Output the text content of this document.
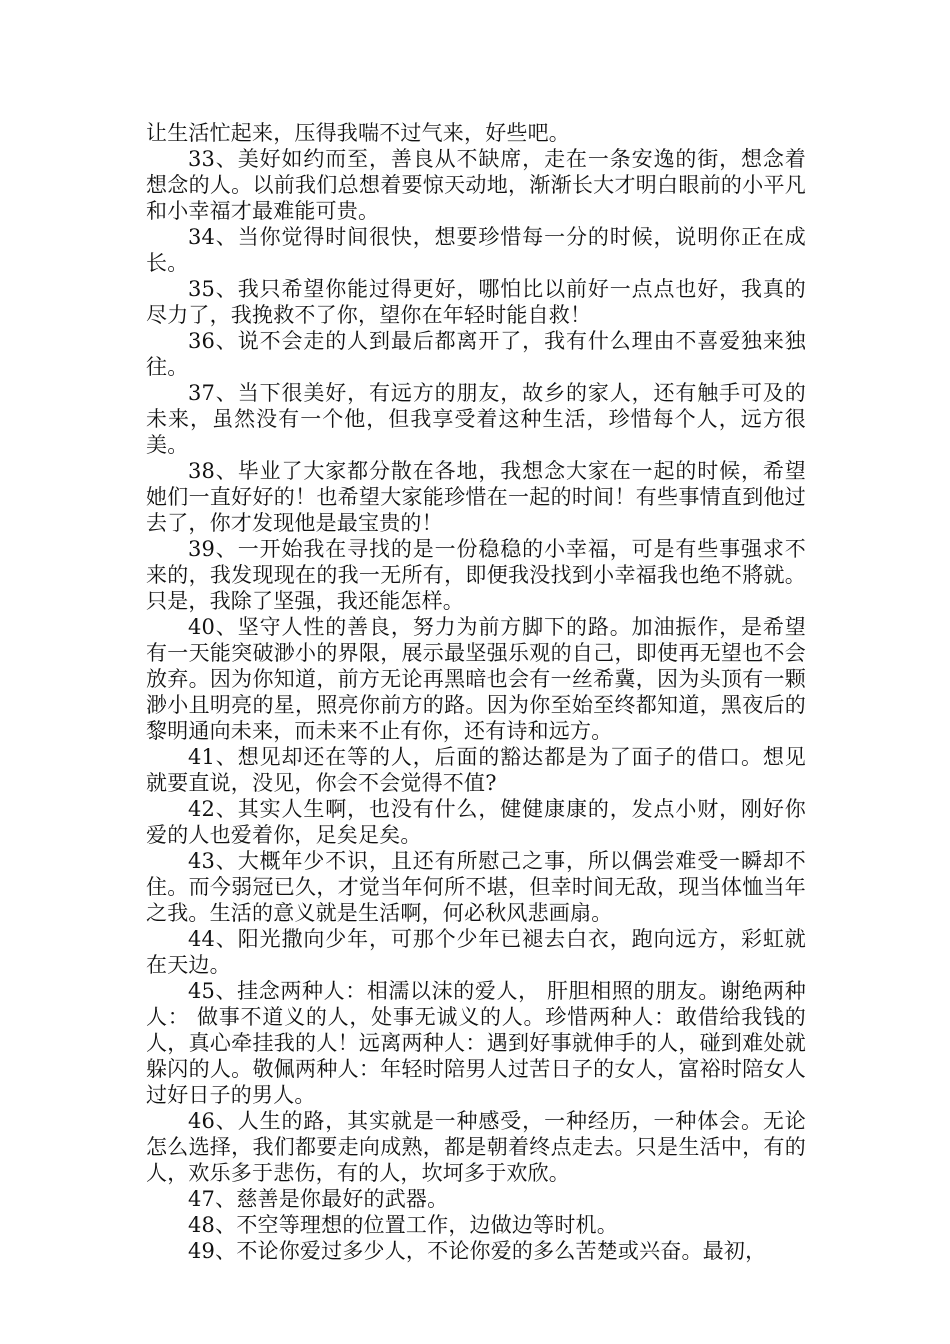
让生活忙起来，压得我喘不过气来，好些吧。

33、美好如约而至，善良从不缺席，走在一条安逸的街，想念着想念的人。以前我们总想着要惊天动地，渐渐长大才明白眼前的小平凡和小幸福才最难能可贵。

34、当你觉得时间很快，想要珍惜每一分的时候，说明你正在成长。

35、我只希望你能过得更好，哪怕比以前好一点点也好，我真的尽力了，我挽救不了你，望你在年轻时能自救！

36、说不会走的人到最后都离开了，我有什么理由不喜爱独来独往。

37、当下很美好，有远方的朋友，故乡的家人，还有触手可及的未来，虽然没有一个他，但我享受着这种生活，珍惜每个人，远方很美。

38、毕业了大家都分散在各地，我想念大家在一起的时候，希望她们一直好好的！也希望大家能珍惜在一起的时间！有些事情直到他过去了，你才发现他是最宝贵的！

39、一开始我在寻找的是一份稳稳的小幸福，可是有些事强求不来的，我发现现在的我一无所有，即便我没找到小幸福我也绝不將就。只是，我除了坚强，我还能怎样。

40、坚守人性的善良，努力为前方脚下的路。加油振作，是希望有一天能突破渺小的界限，展示最坚强乐观的自己，即使再无望也不会放弃。因为你知道，前方无论再黑暗也会有一丝希冀，因为头顶有一颗渺小且明亮的星，照亮你前方的路。因为你至始至终都知道，黑夜后的黎明通向未来，而未来不止有你，还有诗和远方。

41、想见却还在等的人，后面的豁达都是为了面子的借口。想见就要直说，没见，你会不会觉得不值?

42、其实人生啊，也没有什么，健健康康的，发点小财，刚好你爱的人也爱着你，足矣足矣。

43、大概年少不识，且还有所慰己之事，所以偶尝难受一瞬却不住。而今弱冠已久，才觉当年何所不堪，但幸时间无敌，现当体恤当年之我。生活的意义就是生活啊，何必秋风悲画扇。

44、阳光撒向少年，可那个少年已褪去白衣，跑向远方，彩虹就在天边。

45、挂念两种人：相濡以沫的爱人， 肝胆相照的朋友。谢绝两种人： 做事不道义的人，处事无诚义的人。珍惜两种人：敢借给我钱的人，真心牵挂我的人！远离两种人：遇到好事就伸手的人，碰到难处就躲闪的人。敬佩两种人：年轻时陪男人过苦日子的女人，富裕时陪女人过好日子的男人。

46、人生的路，其实就是一种感受，一种经历，一种体会。无论怎么选择，我们都要走向成熟，都是朝着终点走去。只是生活中，有的人，欢乐多于悲伤，有的人，坎坷多于欢欣。

47、慈善是你最好的武器。

48、不空等理想的位置工作，边做边等时机。

49、不论你爱过多少人，不论你爱的多么苦楚或兴奋。最初，
